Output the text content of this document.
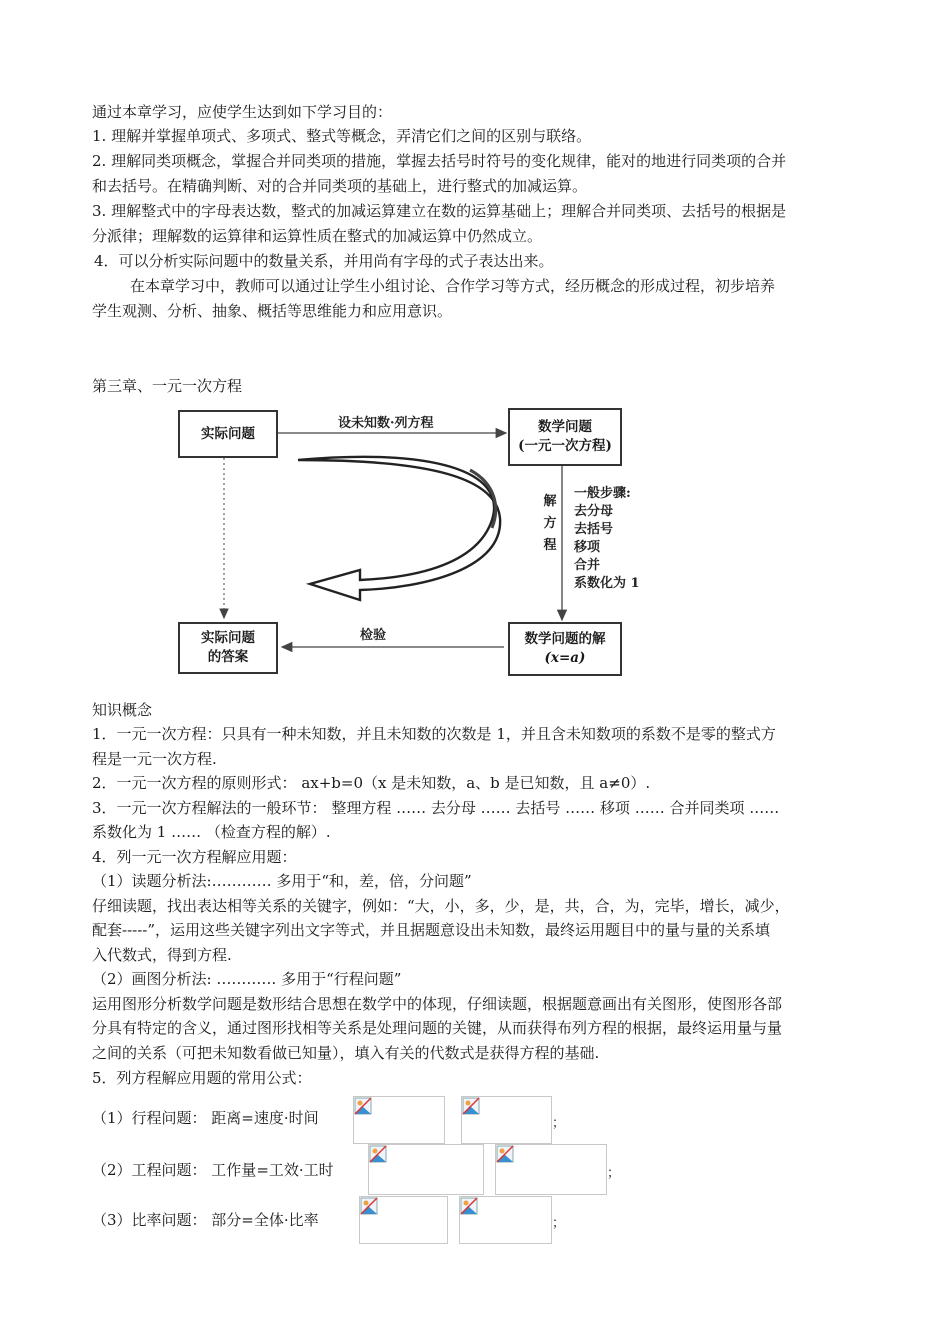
通过本章学习，应使学生达到如下学习目的：
1. 理解并掌握单项式、多项式、整式等概念，弄清它们之间的区别与联络。
2. 理解同类项概念，掌握合并同类项的措施，掌握去括号时符号的变化规律，能对的地进行同类项的合并
和去括号。在精确判断、对的合并同类项的基础上，进行整式的加减运算。
3. 理解整式中的字母表达数，整式的加减运算建立在数的运算基础上；理解合并同类项、去括号的根据是
分派律；理解数的运算律和运算性质在整式的加减运算中仍然成立。
4．可以分析实际问题中的数量关系，并用尚有字母的式子表达出来。
在本章学习中，教师可以通过让学生小组讨论、合作学习等方式，经历概念的形成过程，初步培养
学生观测、分析、抽象、概括等思维能力和应用意识。
第三章、一元一次方程
实际问题	数学问题
(一元一次方程)
实际问题
的答案
数学问题的解
(x=a)
设未知数·列方程
检验
解
方
程
一般步骤:
去分母
去括号
移项
合并
系数化为 1
知识概念
1．一元一次方程：只具有一种未知数，并且未知数的次数是 1，并且含未知数项的系数不是零的整式方
程是一元一次方程.
2．一元一次方程的原则形式： ax+b=0（x 是未知数，a、b 是已知数，且 a≠0）.
3．一元一次方程解法的一般环节： 整理方程 …… 去分母 …… 去括号 …… 移项 …… 合并同类项 ……
系数化为 1 …… （检查方程的解）.
4．列一元一次方程解应用题：
（1）读题分析法:………… 多用于“和，差，倍，分问题”
仔细读题，找出表达相等关系的关键字，例如：“大，小，多，少，是，共，合，为，完毕，增长，减少，
配套-----”，运用这些关键字列出文字等式，并且据题意设出未知数，最终运用题目中的量与量的关系填
入代数式，得到方程.
（2）画图分析法: ………… 多用于“行程问题”
运用图形分析数学问题是数形结合思想在数学中的体现，仔细读题，根据题意画出有关图形，使图形各部
分具有特定的含义，通过图形找相等关系是处理问题的关键，从而获得布列方程的根据，最终运用量与量
之间的关系（可把未知数看做已知量），填入有关的代数式是获得方程的基础.
5．列方程解应用题的常用公式：
（1）行程问题： 距离=速度·时间	；
（2）工程问题： 工作量=工效·工时	；
（3）比率问题： 部分=全体·比率	；
